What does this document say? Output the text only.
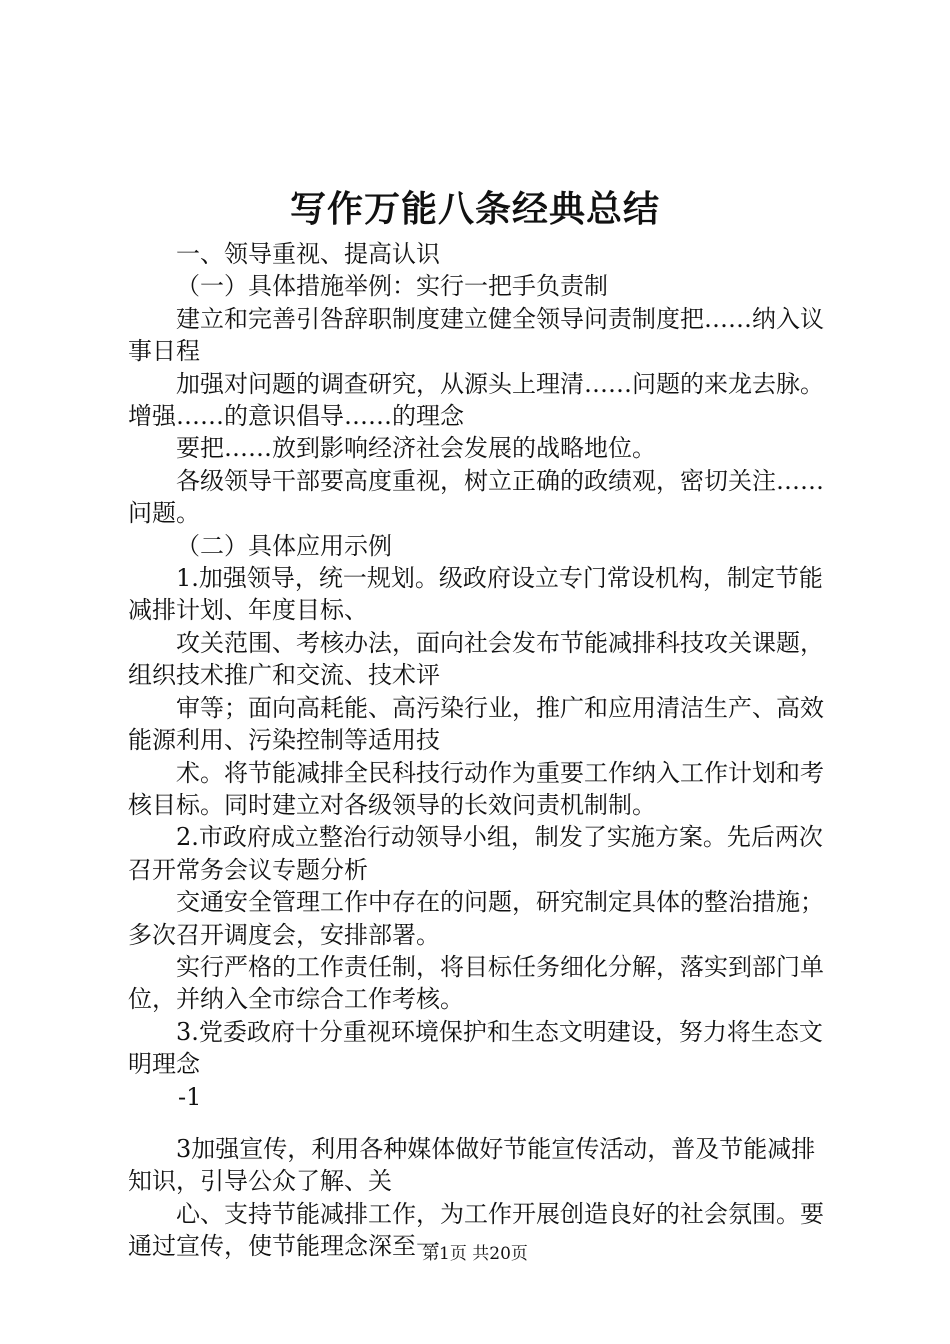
写作万能八条经典总结

一、领导重视、提高认识

（一）具体措施举例：实行一把手负责制

建立和完善引咎辞职制度建立健全领导问责制度把……纳入议事日程

加强对问题的调查研究，从源头上理清……问题的来龙去脉。增强……的意识倡导……的理念

要把……放到影响经济社会发展的战略地位。

各级领导干部要高度重视，树立正确的政绩观，密切关注……问题。

（二）具体应用示例

1.加强领导，统一规划。级政府设立专门常设机构，制定节能减排计划、年度目标、

攻关范围、考核办法，面向社会发布节能减排科技攻关课题，组织技术推广和交流、技术评

审等；面向高耗能、高污染行业，推广和应用清洁生产、高效能源利用、污染控制等适用技

术。将节能减排全民科技行动作为重要工作纳入工作计划和考核目标。同时建立对各级领导的长效问责机制制。

2.市政府成立整治行动领导小组，制发了实施方案。先后两次召开常务会议专题分析

交通安全管理工作中存在的问题，研究制定具体的整治措施；多次召开调度会，安排部署。

实行严格的工作责任制，将目标任务细化分解，落实到部门单位，并纳入全市综合工作考核。

3.党委政府十分重视环境保护和生态文明建设，努力将生态文明理念

-1

3加强宣传，利用各种媒体做好节能宣传活动，普及节能减排知识，引导公众了解、关

心、支持节能减排工作，为工作开展创造良好的社会氛围。要通过宣传，使节能理念深至一

第1页 共20页
